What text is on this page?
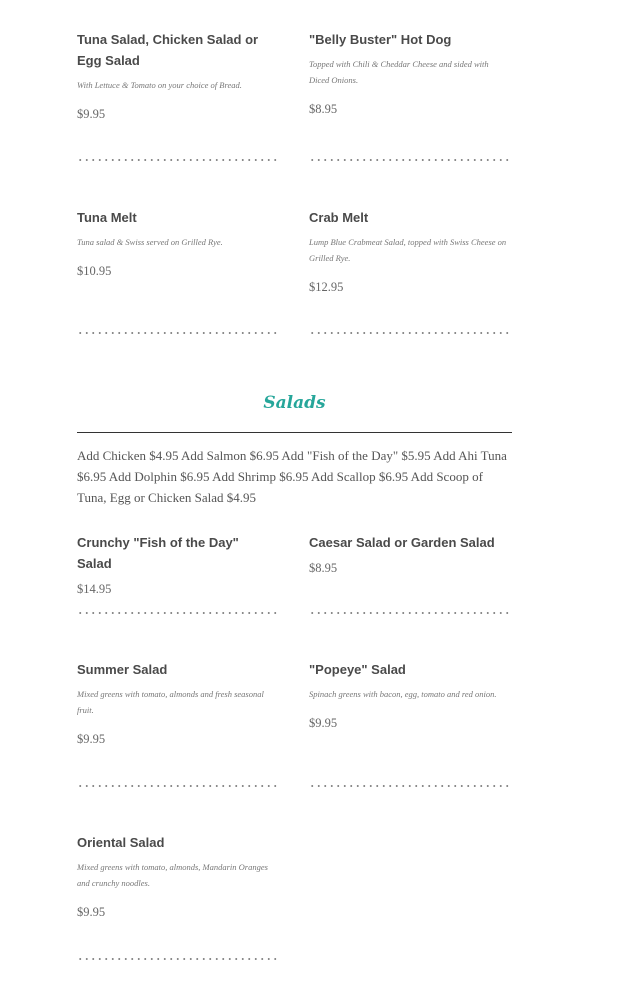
Tuna Salad, Chicken Salad or Egg Salad
With Lettuce & Tomato on your choice of Bread.
$9.95
"Belly Buster" Hot Dog
Topped with Chili & Cheddar Cheese and sided with Diced Onions.
$8.95
Tuna Melt
Tuna salad & Swiss served on Grilled Rye.
$10.95
Crab Melt
Lump Blue Crabmeat Salad, topped with Swiss Cheese on Grilled Rye.
$12.95
Salads
Add Chicken $4.95 Add Salmon $6.95 Add "Fish of the Day" $5.95 Add Ahi Tuna $6.95 Add Dolphin $6.95 Add Shrimp $6.95 Add Scallop $6.95 Add Scoop of Tuna, Egg or Chicken Salad $4.95
Crunchy "Fish of the Day" Salad
$14.95
Caesar Salad or Garden Salad
$8.95
Summer Salad
Mixed greens with tomato, almonds and fresh seasonal fruit.
$9.95
"Popeye" Salad
Spinach greens with bacon, egg, tomato and red onion.
$9.95
Oriental Salad
Mixed greens with tomato, almonds, Mandarin Oranges and crunchy noodles.
$9.95
